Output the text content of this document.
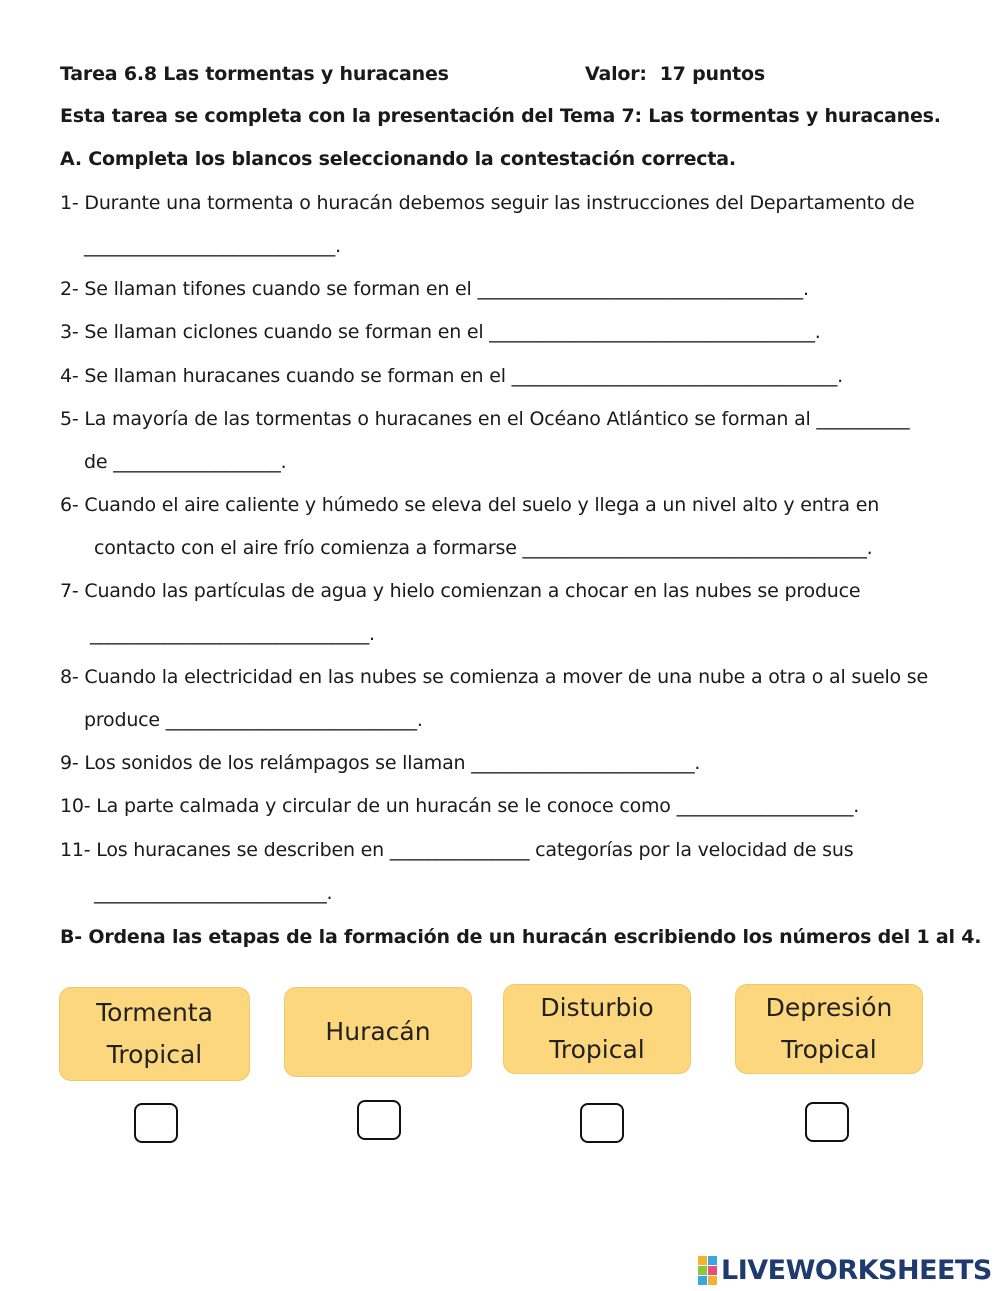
Tarea 6.8 Las tormentas y huracanes	Valor:  17 puntos
Esta tarea se completa con la presentación del Tema 7: Las tormentas y huracanes.
A. Completa los blancos seleccionando la contestación correcta.
1- Durante una tormenta o huracán debemos seguir las instrucciones del Departamento de
___________________________.
2- Se llaman tifones cuando se forman en el ___________________________________.
3- Se llaman ciclones cuando se forman en el ___________________________________.
4- Se llaman huracanes cuando se forman en el ___________________________________.
5- La mayoría de las tormentas o huracanes en el Océano Atlántico se forman al __________
de __________________.
6- Cuando el aire caliente y húmedo se eleva del suelo y llega a un nivel alto y entra en
contacto con el aire frío comienza a formarse _____________________________________.
7- Cuando las partículas de agua y hielo comienzan a chocar en las nubes se produce
______________________________.
8- Cuando la electricidad en las nubes se comienza a mover de una nube a otra o al suelo se
produce ___________________________.
9- Los sonidos de los relámpagos se llaman ________________________.
10- La parte calmada y circular de un huracán se le conoce como ___________________.
11- Los huracanes se describen en _______________ categorías por la velocidad de sus
_________________________.
B- Ordena las etapas de la formación de un huracán escribiendo los números del 1 al 4.
Tormenta
Tropical
Huracán
Disturbio
Tropical
Depresión
Tropical
LIVEWORKSHEETS
